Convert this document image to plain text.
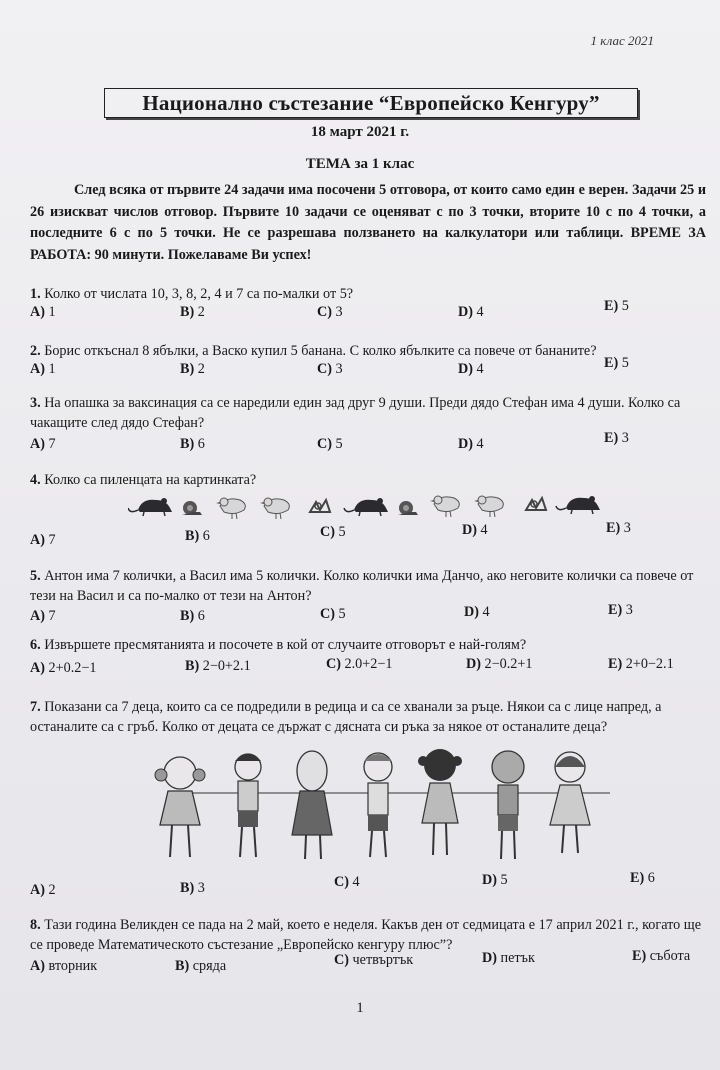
1 клас 2021
Национално състезание “Европейско Кенгуру”
18 март 2021 г.
ТЕМА за 1 клас
След всяка от първите 24 задачи има посочени 5 отговора, от които само един е верен. Задачи 25 и 26 изискват числов отговор. Първите 10 задачи се оценяват с по 3 точки, вторите 10 с по 4 точки, а последните 6 с по 5 точки. Не се разрешава ползването на калкулатори или таблици. ВРЕМЕ ЗА РАБОТА: 90 минути. Пожелаваме Ви успех!
1. Колко от числата 10, 3, 8, 2, 4 и 7 са по-малки от 5?
A) 1	B) 2	C) 3	D) 4	E) 5
2. Борис откъснал 8 ябълки, а Васко купил 5 банана. С колко ябълките са повече от бананите?
A) 1	B) 2	C) 3	D) 4	E) 5
3. На опашка за ваксинация са се наредили един зад друг 9 души. Преди дядо Стефан има 4 души. Колко са чакащите след дядо Стефан?
A) 7	B) 6	C) 5	D) 4	E) 3
4. Колко са пиленцата на картинката?
A) 7	B) 6	C) 5	D) 4	E) 3
5. Антон има 7 колички, а Васил има 5 колички. Колко колички има Данчо, ако неговите колички са повече от тези на Васил и са по-малко от тези на Антон?
A) 7	B) 6	C) 5	D) 4	E) 3
6. Извършете пресмятанията и посочете в кой от случаите отговорът е най-голям?
A) 2+0.2−1	B) 2−0+2.1	C) 2.0+2−1	D) 2−0.2+1	E) 2+0−2.1
7. Показани са 7 деца, които са се подредили в редица и са се хванали за ръце. Някои са с лице напред, а останалите са с гръб. Колко от децата се държат с дясната си ръка за някое от останалите деца?
A) 2	B) 3	C) 4	D) 5	E) 6
8. Тази година Великден се пада на 2 май, което е неделя. Какъв ден от седмицата е 17 април 2021 г., когато ще се проведе Математическото състезание „Европейско кенгуру плюс”?
A) вторник	B) сряда	C) четвъртък	D) петък	E) събота
1
